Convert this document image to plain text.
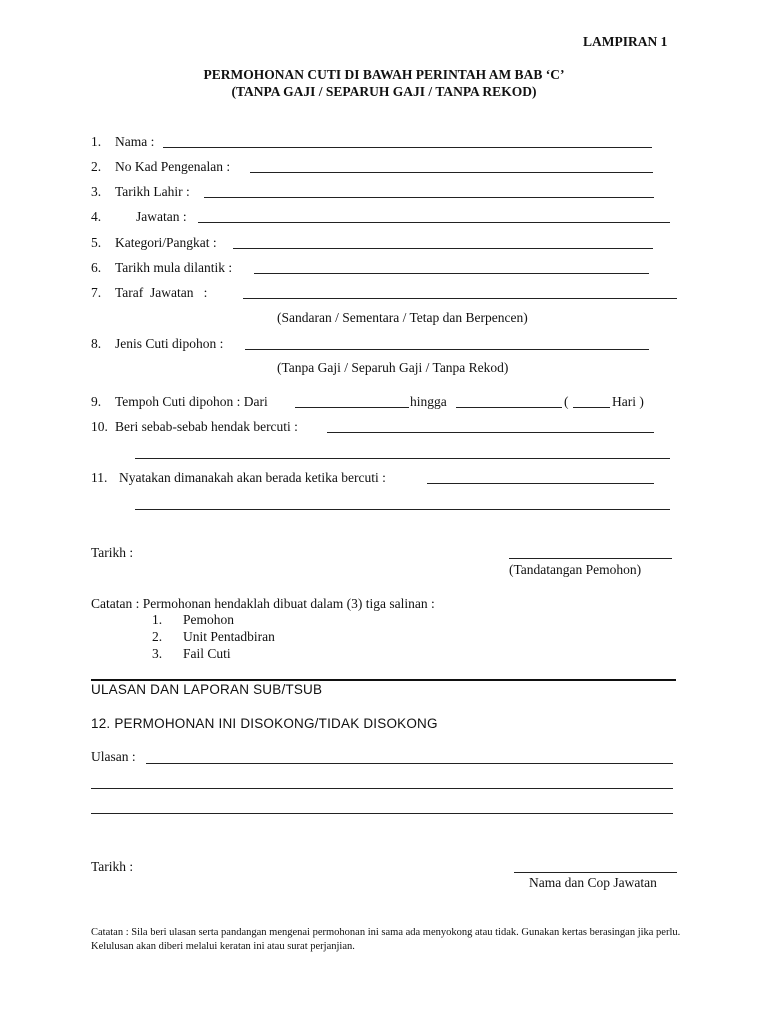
LAMPIRAN 1
PERMOHONAN CUTI DI BAWAH PERINTAH AM BAB ‘C’
(TANPA GAJI / SEPARUH GAJI / TANPA REKOD)
1. Nama :
2. No Kad Pengenalan :
3. Tarikh Lahir :
4.	Jawatan :
5. Kategori/Pangkat :
6. Tarikh mula dilantik :
7. Taraf  Jawatan   :
(Sandaran / Sementara / Tetap dan Berpencen)
8. Jenis Cuti dipohon :
(Tanpa Gaji / Separuh Gaji / Tanpa Rekod)
9. Tempoh Cuti dipohon : Dari	hingga	(	Hari )
10. Beri sebab-sebab hendak bercuti :
11. Nyatakan dimanakah akan berada ketika bercuti :
Tarikh :
(Tandatangan Pemohon)
Catatan : Permohonan hendaklah dibuat dalam (3) tiga salinan :
1. Pemohon
2. Unit Pentadbiran
3. Fail Cuti
ULASAN DAN LAPORAN SUB/TSUB
12. PERMOHONAN INI DISOKONG/TIDAK DISOKONG
Ulasan :
Tarikh :
Nama dan Cop Jawatan
Catatan : Sila beri ulasan serta pandangan mengenai permohonan ini sama ada menyokong atau tidak. Gunakan kertas berasingan jika perlu. Kelulusan akan diberi melalui keratan ini atau surat perjanjian.
